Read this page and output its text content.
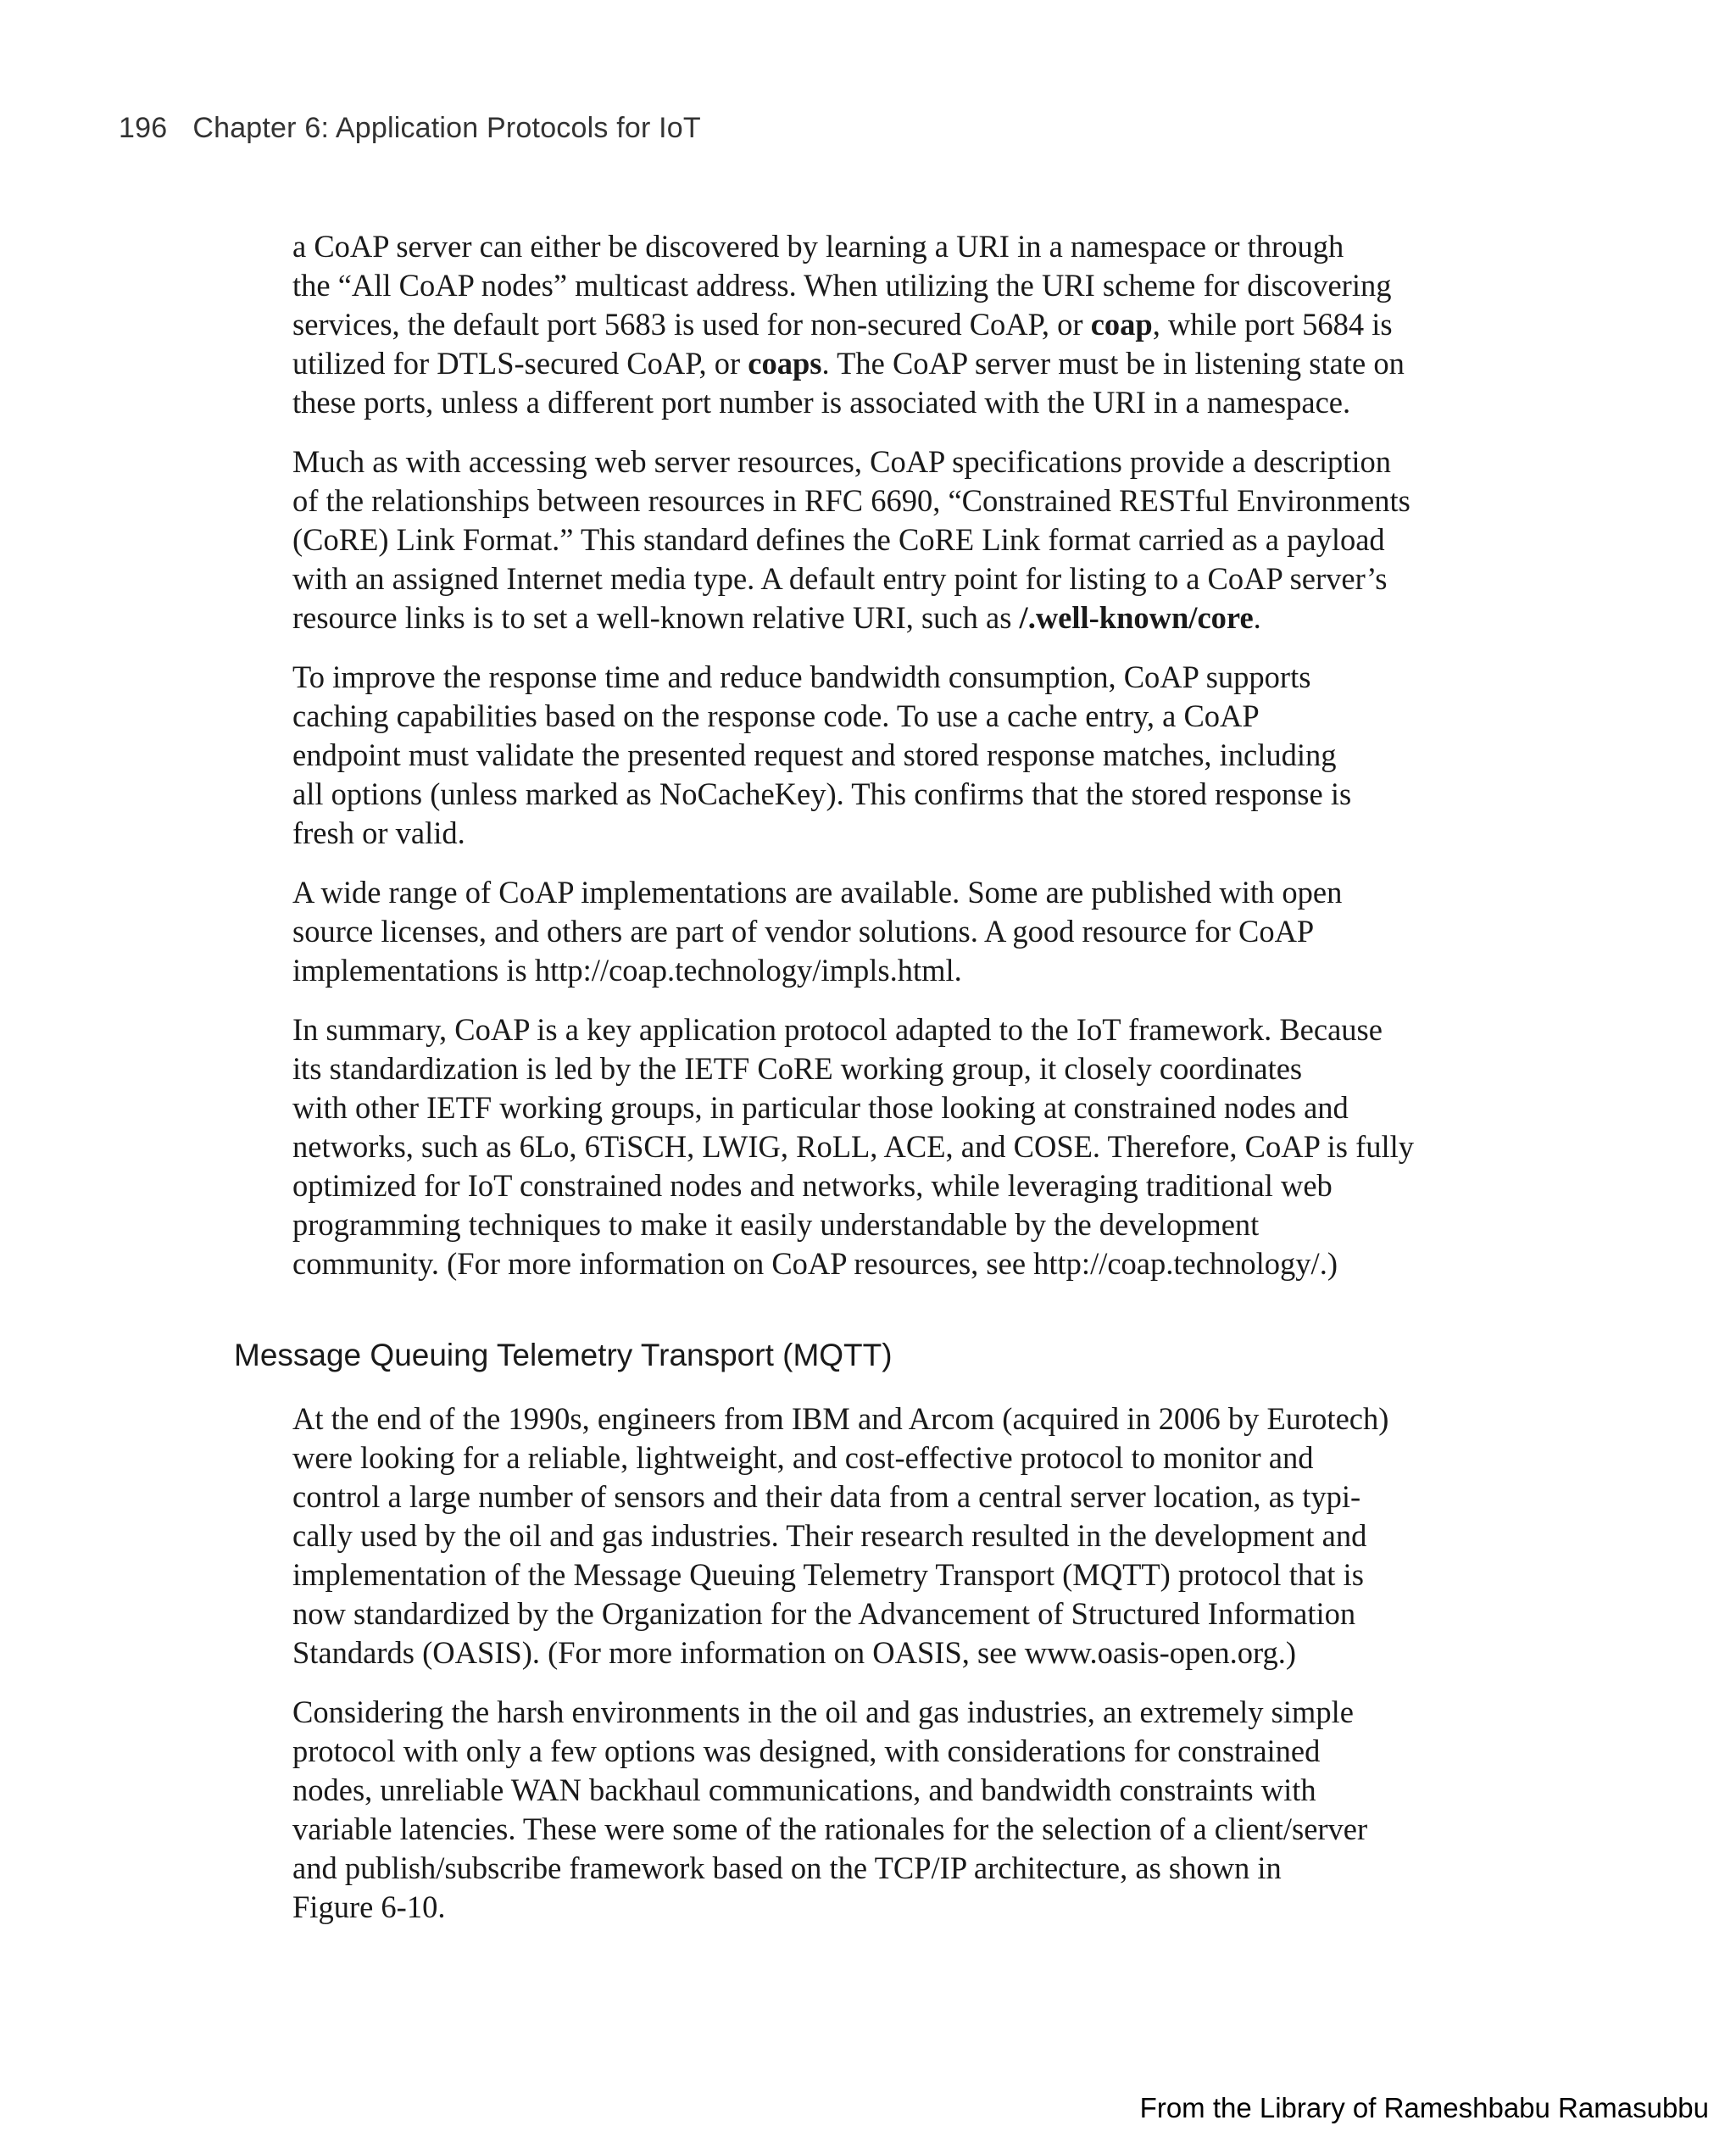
196 Chapter 6: Application Protocols for IoT

a CoAP server can either be discovered by learning a URI in a namespace or through
the “All CoAP nodes” multicast address. When utilizing the URI scheme for discovering
services, the default port 5683 is used for non-secured CoAP, or coap, while port 5684 is
utilized for DTLS-secured CoAP, or coaps. The CoAP server must be in listening state on
these ports, unless a different port number is associated with the URI in a namespace.

Much as with accessing web server resources, CoAP specifications provide a description
of the relationships between resources in RFC 6690, “Constrained RESTful Environments
(CoRE) Link Format.” This standard defines the CoRE Link format carried as a payload
with an assigned Internet media type. A default entry point for listing to a CoAP server’s
resource links is to set a well-known relative URI, such as /.well-known/core.

To improve the response time and reduce bandwidth consumption, CoAP supports
caching capabilities based on the response code. To use a cache entry, a CoAP
endpoint must validate the presented request and stored response matches, including
all options (unless marked as NoCacheKey). This confirms that the stored response is
fresh or valid.

A wide range of CoAP implementations are available. Some are published with open
source licenses, and others are part of vendor solutions. A good resource for CoAP
implementations is http://coap.technology/impls.html.

In summary, CoAP is a key application protocol adapted to the IoT framework. Because
its standardization is led by the IETF CoRE working group, it closely coordinates
with other IETF working groups, in particular those looking at constrained nodes and
networks, such as 6Lo, 6TiSCH, LWIG, RoLL, ACE, and COSE. Therefore, CoAP is fully
optimized for IoT constrained nodes and networks, while leveraging traditional web
programming techniques to make it easily understandable by the development
community. (For more information on CoAP resources, see http://coap.technology/.)

Message Queuing Telemetry Transport (MQTT)

At the end of the 1990s, engineers from IBM and Arcom (acquired in 2006 by Eurotech)
were looking for a reliable, lightweight, and cost-effective protocol to monitor and
control a large number of sensors and their data from a central server location, as typi-
cally used by the oil and gas industries. Their research resulted in the development and
implementation of the Message Queuing Telemetry Transport (MQTT) protocol that is
now standardized by the Organization for the Advancement of Structured Information
Standards (OASIS). (For more information on OASIS, see www.oasis-open.org.)

Considering the harsh environments in the oil and gas industries, an extremely simple
protocol with only a few options was designed, with considerations for constrained
nodes, unreliable WAN backhaul communications, and bandwidth constraints with
variable latencies. These were some of the rationales for the selection of a client/server
and publish/subscribe framework based on the TCP/IP architecture, as shown in
Figure 6-10.

From the Library of Rameshbabu Ramasubbu
